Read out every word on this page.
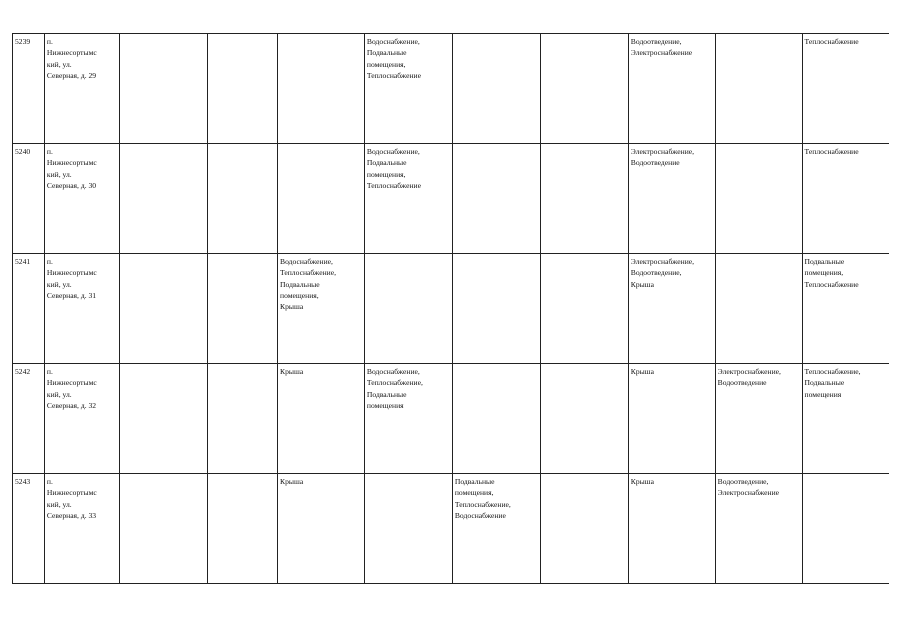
5239	п.
Нижнесортымс
кий, ул.
Северная, д. 29				Водоснабжение,
Подвальные
помещения,
Теплоснабжение			Водоотведение,
Электроснабжение		Теплоснабжение

5240	п.
Нижнесортымс
кий, ул.
Северная, д. 30				Водоснабжение,
Подвальные
помещения,
Теплоснабжение			Электроснабжение,
Водоотведение		Теплоснабжение

5241	п.
Нижнесортымс
кий, ул.
Северная, д. 31			Водоснабжение,
Теплоснабжение,
Подвальные
помещения,
Крыша				Электроснабжение,
Водоотведение,
Крыша		Подвальные
помещения,
Теплоснабжение

5242	п.
Нижнесортымс
кий, ул.
Северная, д. 32			Крыша	Водоснабжение,
Теплоснабжение,
Подвальные
помещения			Крыша	Электроснабжение,
Водоотведение	Теплоснабжение,
Подвальные
помещения

5243	п.
Нижнесортымс
кий, ул.
Северная, д. 33			Крыша		Подвальные
помещения,
Теплоснабжение,
Водоснабжение		Крыша	Водоотведение,
Электроснабжение	
